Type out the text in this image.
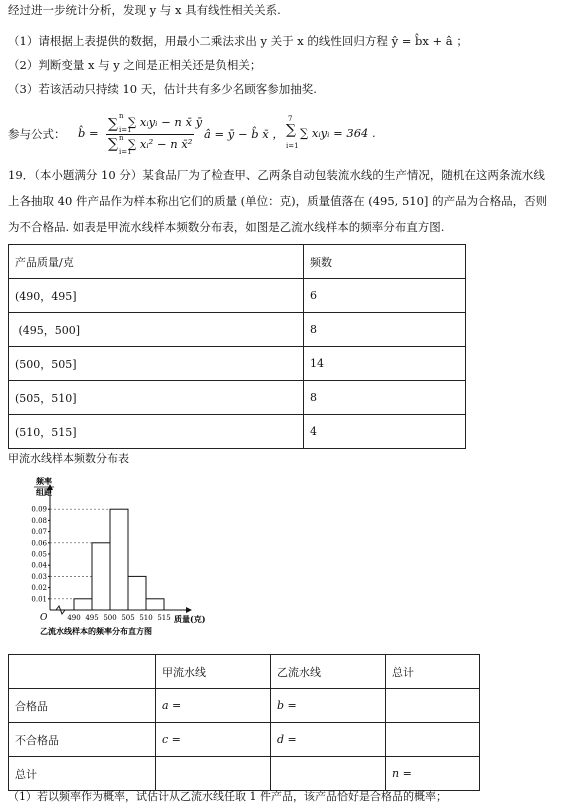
经过进一步统计分析，发现 y 与 x 具有线性相关关系.
（1）请根据上表提供的数据，用最小二乘法求出 y 关于 x 的线性回归方程 ŷ = b̂x + â ；
（2）判断变量 x 与 y 之间是正相关还是负相关；
（3）若该活动只持续 10 天，估计共有多少名顾客参加抽奖.
参与公式： b̂ =
∑ n
i=1
∑ xᵢyᵢ − n x̄ ȳ
∑ n
i=1
∑ xᵢ² − n x̄²
â = ȳ − b̂ x̄ ， ∑
7
i=1
∑ xᵢyᵢ = 364 .
19．（本小题满分 10 分）某食品厂为了检查甲、乙两条自动包装流水线的生产情况，随机在这两条流水线
上各抽取 40 件产品作为样本称出它们的质量 (单位：克)，质量值落在 (495, 510] 的产品为合格品，否则
为不合格品. 如表是甲流水线样本频数分布表，如图是乙流水线样本的频率分布直方图.
产品质量/克	频数
(490，495]	6
(495，500]	8
(500，505]	14
(505，510]	8
(510，515]	4
甲流水线样本频数分布表
频率
组距
0.01
0.02
0.03
0.04
0.05
0.06
0.07
0.08
0.09
490 495 500 505 510 515
O	质量(克)
乙流水线样本的频率分布直方图
	甲流水线	乙流水线	总计
合格品	a =	b =	
不合格品	c =	d =	
总计			n =
（1）若以频率作为概率，试估计从乙流水线任取 1 件产品，该产品恰好是合格品的概率；
